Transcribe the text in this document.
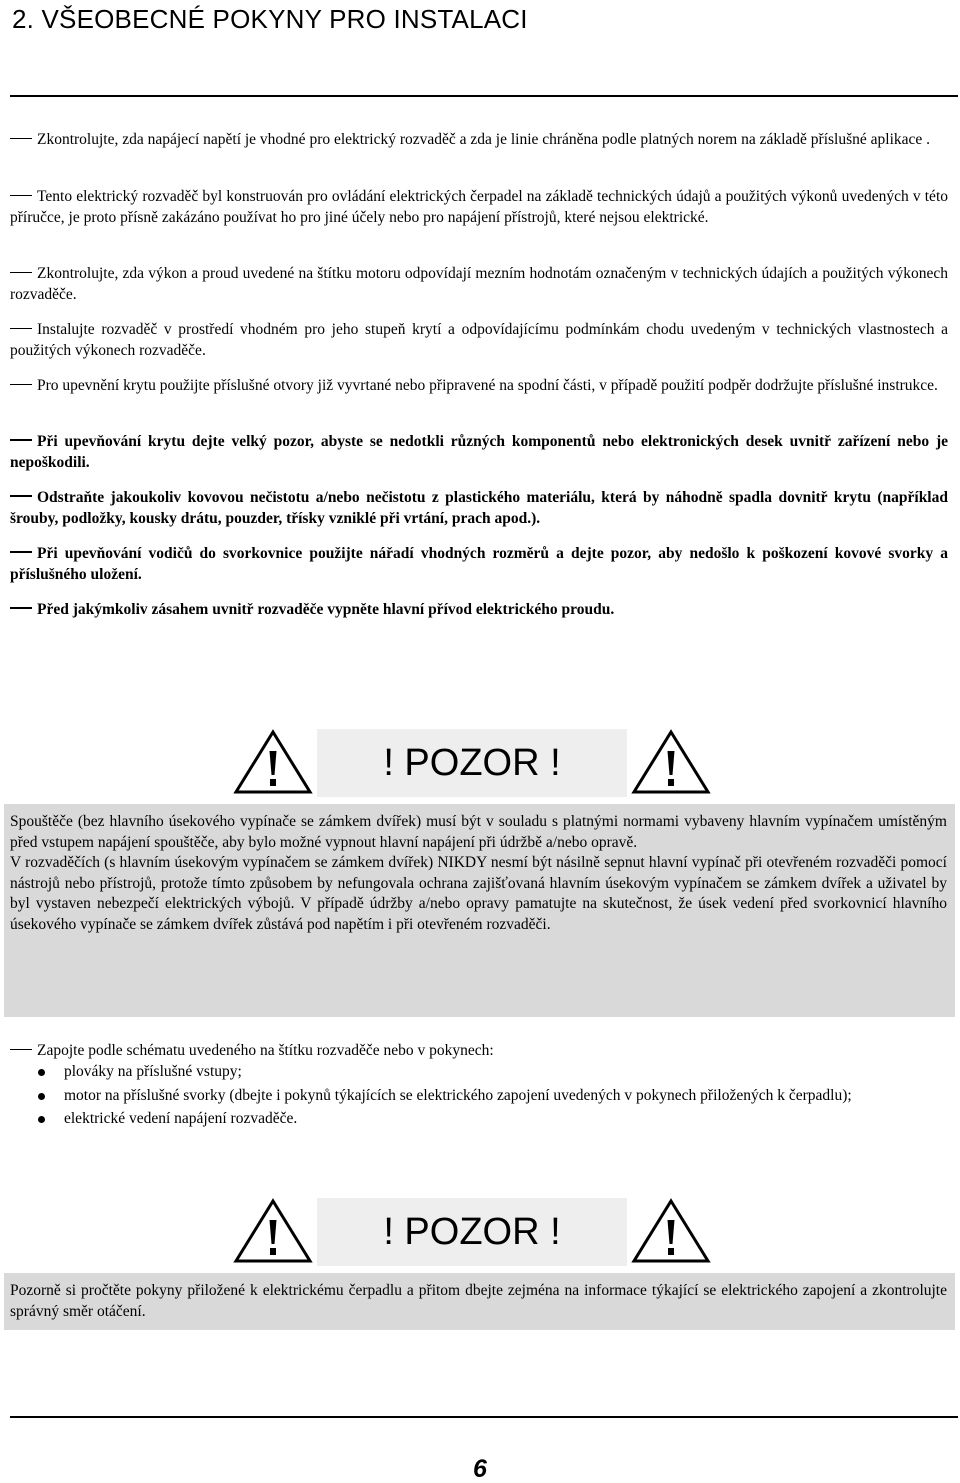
2. VŠEOBECNÉ POKYNY PRO INSTALACI
Zkontrolujte, zda napájecí napětí je vhodné pro elektrický rozvaděč a zda je linie chráněna podle platných norem na základě příslušné aplikace .
Tento elektrický rozvaděč byl konstruován pro ovládání elektrických čerpadel na základě technických údajů a použitých výkonů uvedených v této příručce, je proto přísně zakázáno používat ho pro jiné účely nebo pro napájení přístrojů, které nejsou elektrické.
Zkontrolujte, zda výkon a proud uvedené na štítku motoru odpovídají mezním hodnotám označeným v technických údajích a použitých výkonech rozvaděče.
Instalujte rozvaděč v prostředí vhodném pro jeho stupeň krytí a odpovídajícímu podmínkám chodu uvedeným v technických vlastnostech a použitých výkonech rozvaděče.
Pro upevnění krytu použijte příslušné otvory již vyvrtané nebo připravené na spodní části, v případě použití podpěr dodržujte příslušné instrukce.
Při upevňování krytu dejte velký pozor, abyste se nedotkli různých komponentů nebo elektronických desek uvnitř zařízení nebo je nepoškodili.
Odstraňte jakoukoliv kovovou nečistotu a/nebo nečistotu z plastického materiálu, která by náhodně spadla dovnitř krytu (například šrouby, podložky, kousky drátu, pouzder, třísky vzniklé při vrtání, prach apod.).
Při upevňování vodičů do svorkovnice použijte nářadí vhodných rozměrů a dejte pozor, aby nedošlo k poškození kovové svorky a příslušného uložení.
Před jakýmkoliv zásahem uvnitř rozvaděče vypněte hlavní přívod elektrického proudu.
! POZOR !

Spouštěče (bez hlavního úsekového vypínače se zámkem dvířek) musí být v souladu s platnými normami vybaveny hlavním vypínačem umístěným před vstupem napájení spouštěče, aby bylo možné vypnout hlavní napájení při údržbě a/nebo opravě.

V rozvaděčích (s hlavním úsekovým vypínačem se zámkem dvířek) NIKDY nesmí být násilně sepnut hlavní vypínač při otevřeném rozvaděči pomocí nástrojů nebo přístrojů, protože tímto způsobem by nefungovala ochrana zajišťovaná hlavním úsekovým vypínačem se zámkem dvířek a uživatel by byl vystaven nebezpečí elektrických výbojů. V případě údržby a/nebo opravy pamatujte na skutečnost, že úsek vedení před svorkovnicí hlavního úsekového vypínače se zámkem dvířek zůstává pod napětím i při otevřeném rozvaděči.

Zapojte podle schématu uvedeného na štítku rozvaděče nebo v pokynech:
plováky na příslušné vstupy;
motor na příslušné svorky (dbejte i pokynů týkajících se elektrického zapojení uvedených v pokynech přiložených k čerpadlu);
elektrické vedení napájení rozvaděče.
! POZOR !

Pozorně si pročtěte pokyny přiložené k elektrickému čerpadlu a přitom dbejte zejména na informace týkající se elektrického zapojení a zkontrolujte správný směr otáčení.

6
